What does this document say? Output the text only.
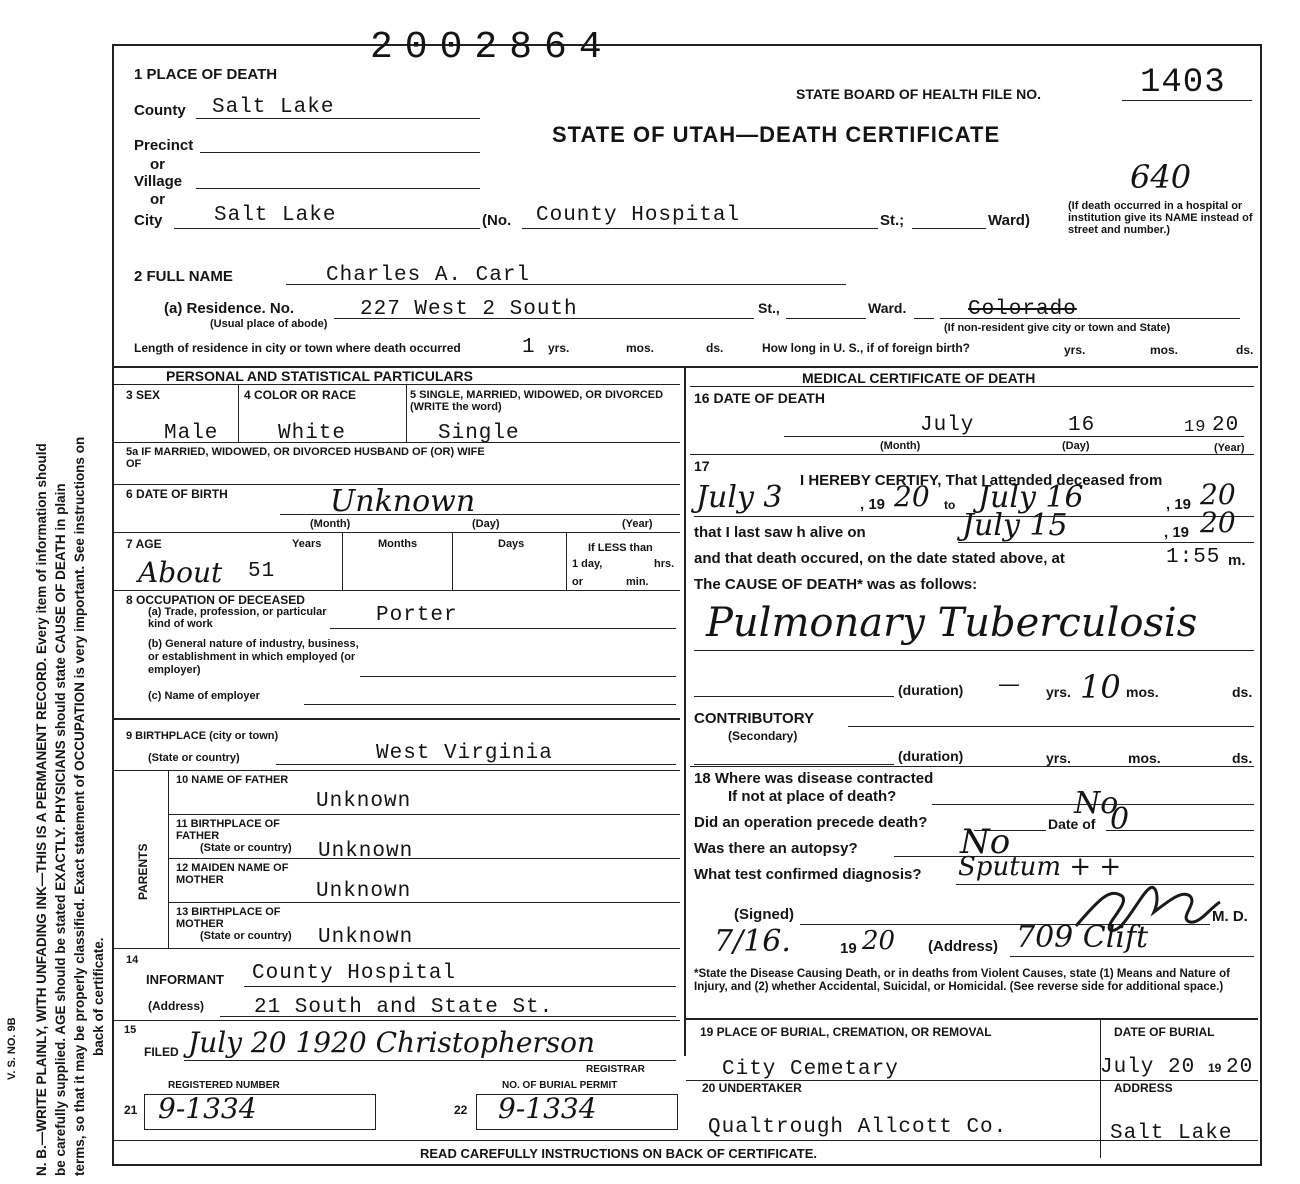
N. B.—WRITE PLAINLY, WITH UNFADING INK—THIS IS A PERMANENT RECORD. Every item of information should be carefully supplied. AGE should be stated EXACTLY. PHYSICIANS should state CAUSE OF DEATH in plain terms, so that it may be properly classified. Exact statement of OCCUPATION is very important. See instructions on back of certificate.
V. S. NO. 9B
2002864
1 PLACE OF DEATH
STATE BOARD OF HEALTH FILE NO.	1403
STATE OF UTAH—DEATH CERTIFICATE
County Salt Lake
Precinct
or
Village
or
City Salt Lake	(No. County Hospital	St.;	Ward)
640
(If death occurred in a hospital or institution give its NAME instead of street and number.)
2 FULL NAME	Charles A. Carl
(a) Residence. No.
(Usual place of abode)
227 West 2 South	St.,	Ward.	Colorado
(If non-resident give city or town and State)
Length of residence in city or town where death occurred	1 yrs.	mos.	ds.	How long in U. S., if of foreign birth?	yrs.	mos.	ds.
PERSONAL AND STATISTICAL PARTICULARS	MEDICAL CERTIFICATE OF DEATH
3 SEX	4 COLOR OR RACE	5 SINGLE, MARRIED, WIDOWED, OR DIVORCED (WRITE the word)
Male	White	Single
5a IF MARRIED, WIDOWED, OR DIVORCED HUSBAND OF (OR) WIFE OF
6 DATE OF BIRTH	Unknown
(Month)	(Day)	(Year)
7 AGE	Years	Months	Days	If LESS than
1 day,	hrs.
or	min.
About 51
8 OCCUPATION OF DECEASED
(a) Trade, profession, or particular kind of work	Porter
(b) General nature of industry, business, or establishment in which employed (or employer)
(c) Name of employer
9 BIRTHPLACE (city or town)
(State or country)	West Virginia
PARENTS
10 NAME OF FATHER
Unknown
11 BIRTHPLACE OF FATHER
(State or country) Unknown
12 MAIDEN NAME OF MOTHER	Unknown
13 BIRTHPLACE OF MOTHER
(State or country) Unknown
14
INFORMANT County Hospital
(Address) 21 South and State St.
15
FILED July 20 1920 Christopherson
REGISTRAR
REGISTERED NUMBER	NO. OF BURIAL PERMIT
21 9-1334	22 9-1334
16 DATE OF DEATH
July	16	19 20
(Month)	(Day)	(Year)
17
I HEREBY CERTIFY, That I attended deceased from
July 3	, 19 20 to July 16	, 19 20
that I last saw h alive on	July 15	, 19 20
and that death occured, on the date stated above, at	1:55 m.
The CAUSE OF DEATH* was as follows:
Pulmonary Tuberculosis
(duration) — yrs. 10 mos.	ds.
CONTRIBUTORY
(Secondary)
(duration)	yrs.	mos.	ds.
18 Where was disease contracted
If not at place of death?	No
Did an operation precede death?	Date of 0
Was there an autopsy?	No
What test confirmed diagnosis? Sputum + +
(Signed)	M. D.
7/16.	19 20 (Address) 709 Clift
*State the Disease Causing Death, or in deaths from Violent Causes, state (1) Means and Nature of Injury, and (2) whether Accidental, Suicidal, or Homicidal. (See reverse side for additional space.)
19 PLACE OF BURIAL, CREMATION, OR REMOVAL
City Cemetary
DATE OF BURIAL
July 20 19 20
20 UNDERTAKER	ADDRESS
Qualtrough Allcott Co.	Salt Lake
READ CAREFULLY INSTRUCTIONS ON BACK OF CERTIFICATE.
